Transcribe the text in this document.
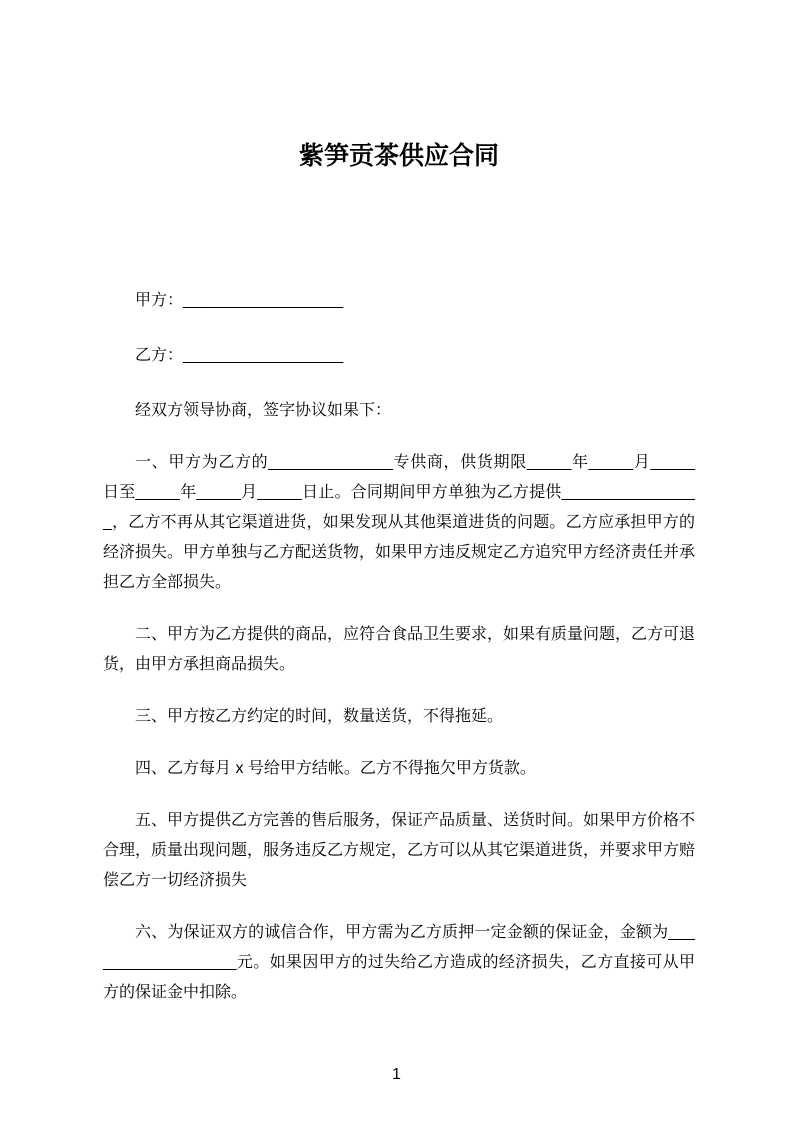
紫笋贡茶供应合同

甲方：__________________

乙方：__________________

经双方领导协商，签字协议如果下：

一、甲方为乙方的______________专供商，供货期限_____年_____月_____日至_____年_____月_____日止。合同期间甲方单独为乙方提供________________，乙方不再从其它渠道进货，如果发现从其他渠道进货的问题。乙方应承担甲方的经济损失。甲方单独与乙方配送货物，如果甲方违反规定乙方追究甲方经济责任并承担乙方全部损失。

二、甲方为乙方提供的商品，应符合食品卫生要求，如果有质量问题，乙方可退货，由甲方承担商品损失。

三、甲方按乙方约定的时间，数量送货，不得拖延。

四、乙方每月 x 号给甲方结帐。乙方不得拖欠甲方货款。

五、甲方提供乙方完善的售后服务，保证产品质量、送货时间。如果甲方价格不合理，质量出现问题，服务违反乙方规定，乙方可以从其它渠道进货，并要求甲方赔偿乙方一切经济损失

六、为保证双方的诚信合作，甲方需为乙方质押一定金额的保证金，金额为__________________元。如果因甲方的过失给乙方造成的经济损失，乙方直接可从甲方的保证金中扣除。

1
